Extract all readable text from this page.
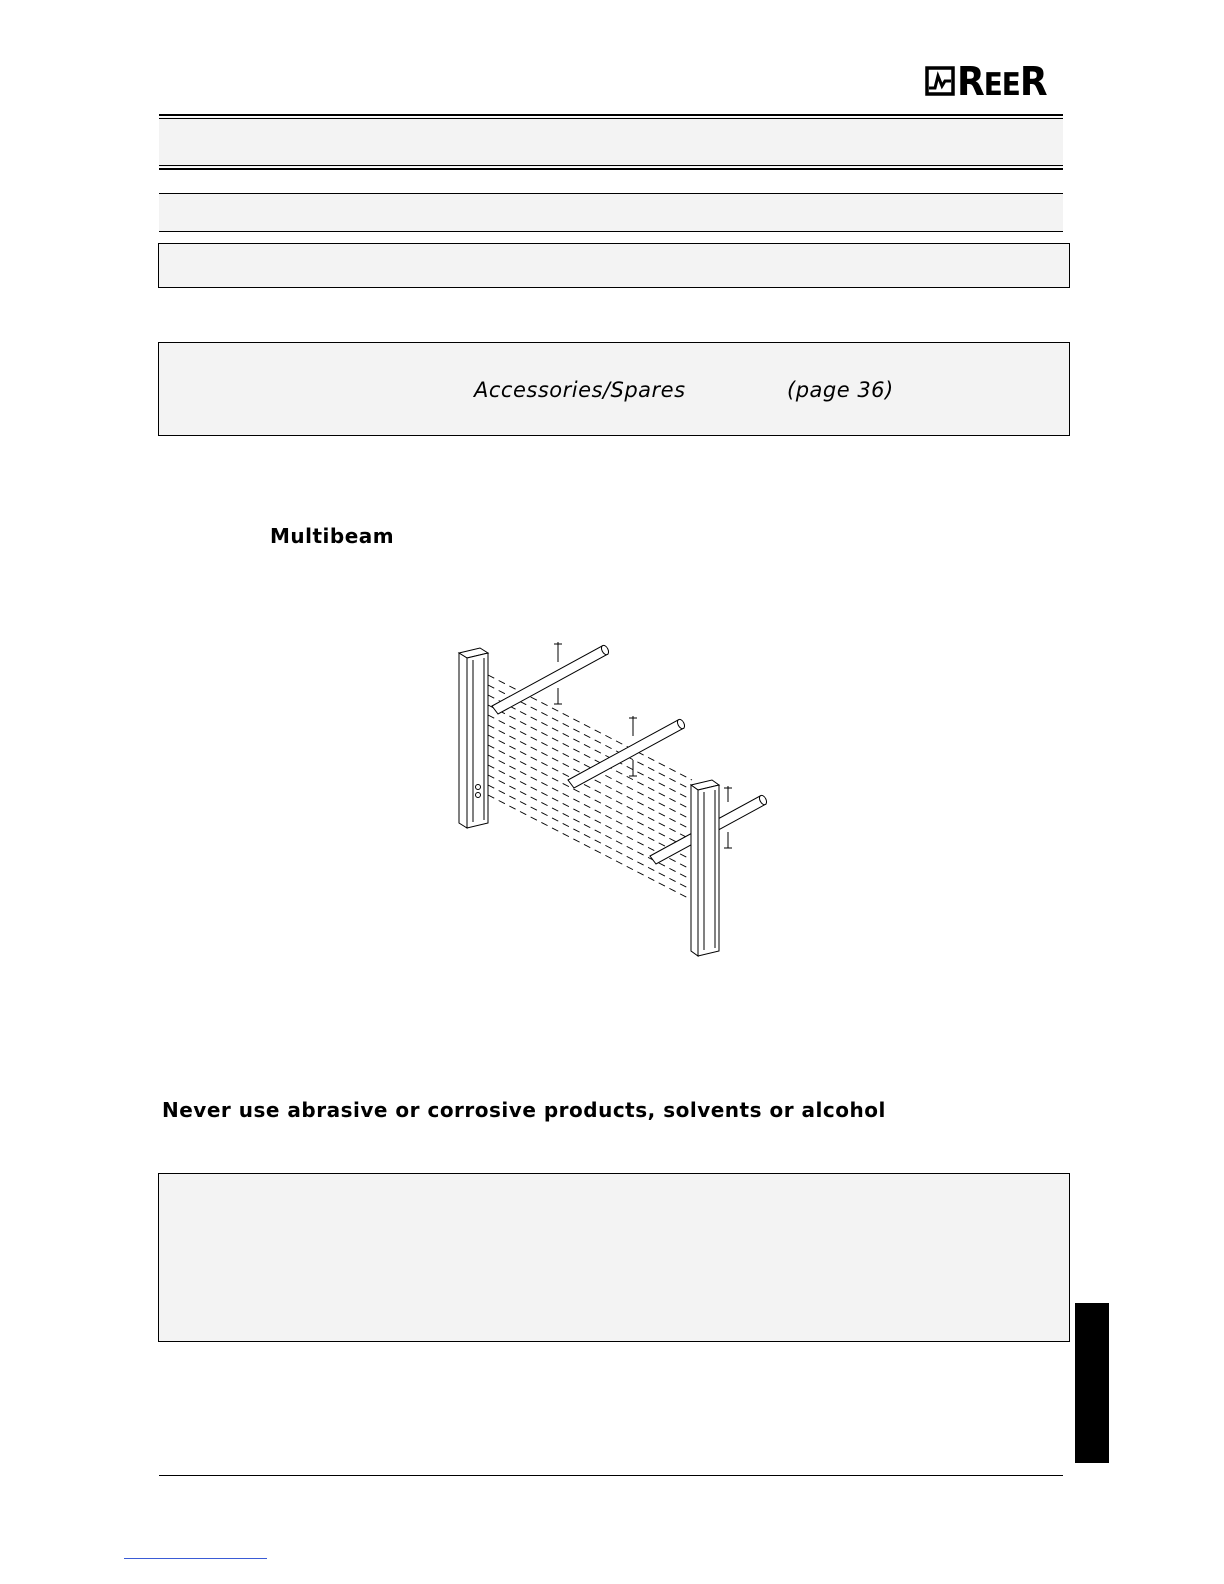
REER
Accessories/Spares	(page 36)
Multibeam
Never use abrasive or corrosive products, solvents or alcohol
